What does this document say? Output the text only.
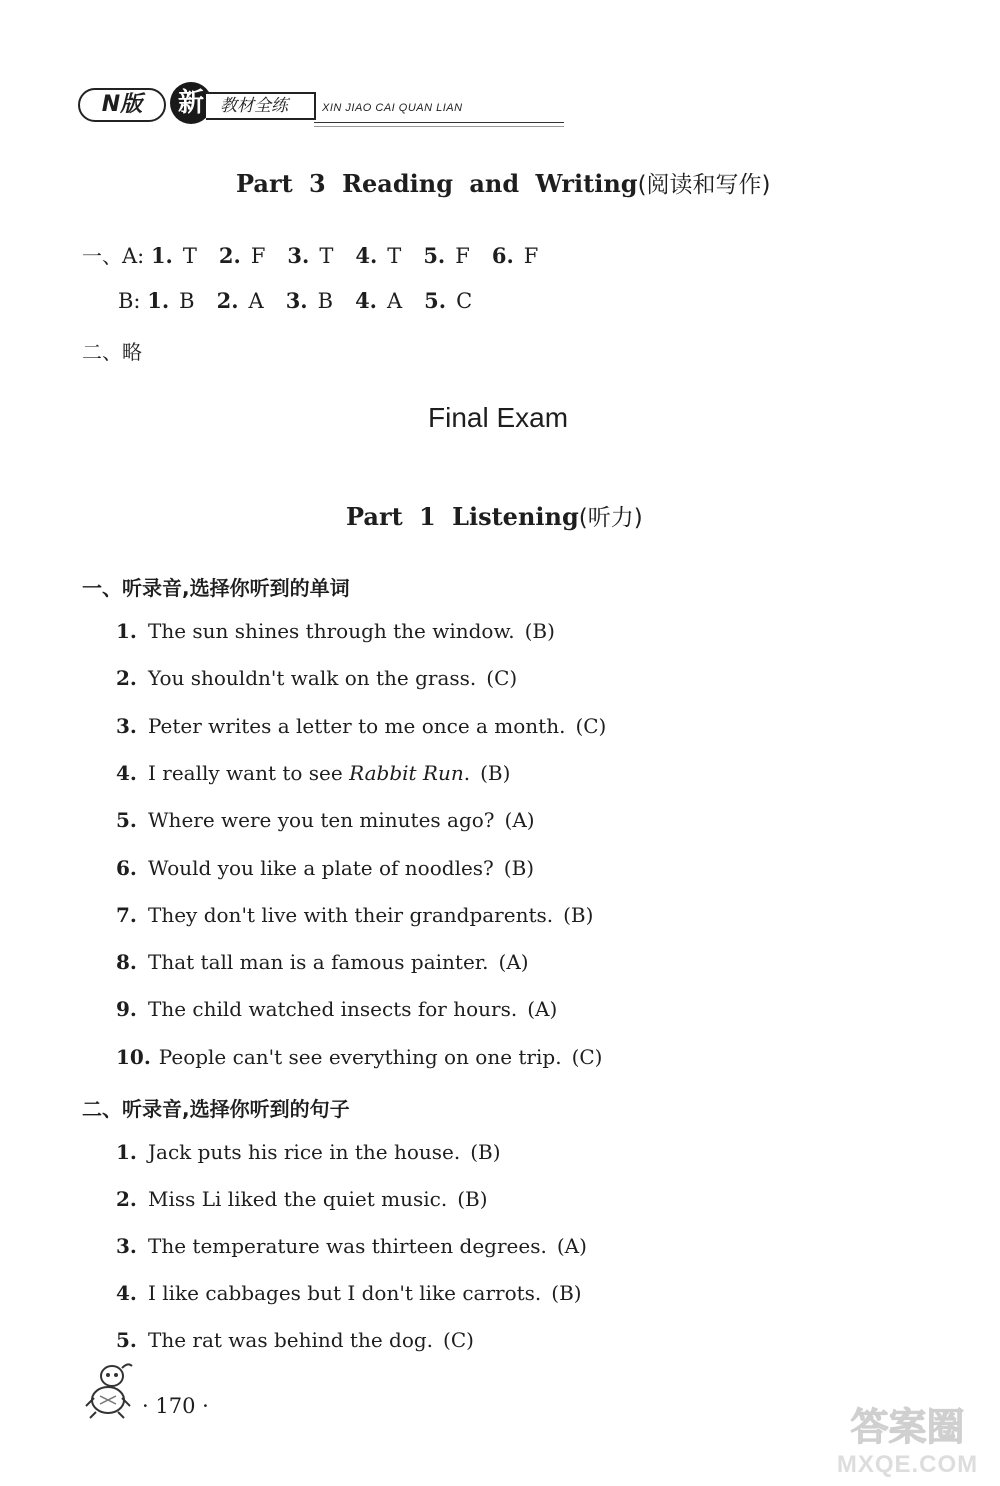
N版	新 教材全练	XIN JIAO CAI QUAN LIAN
Part 3 Reading and Writing(阅读和写作)
一、A: 1. T 2. F 3. T 4. T 5. F 6. F
B: 1. B 2. A 3. B 4. A 5. C
二、略
Final Exam
Part 1 Listening(听力)
一、听录音,选择你听到的单词
1. The sun shines through the window. (B)
2. You shouldn't walk on the grass. (C)
3. Peter writes a letter to me once a month. (C)
4. I really want to see Rabbit Run. (B)
5. Where were you ten minutes ago? (A)
6. Would you like a plate of noodles? (B)
7. They don't live with their grandparents. (B)
8. That tall man is a famous painter. (A)
9. The child watched insects for hours. (A)
10. People can't see everything on one trip. (C)
二、听录音,选择你听到的句子
1. Jack puts his rice in the house. (B)
2. Miss Li liked the quiet music. (B)
3. The temperature was thirteen degrees. (A)
4. I like cabbages but I don't like carrots. (B)
5. The rat was behind the dog. (C)
· 170 ·	答案圈
MXQE.COM
